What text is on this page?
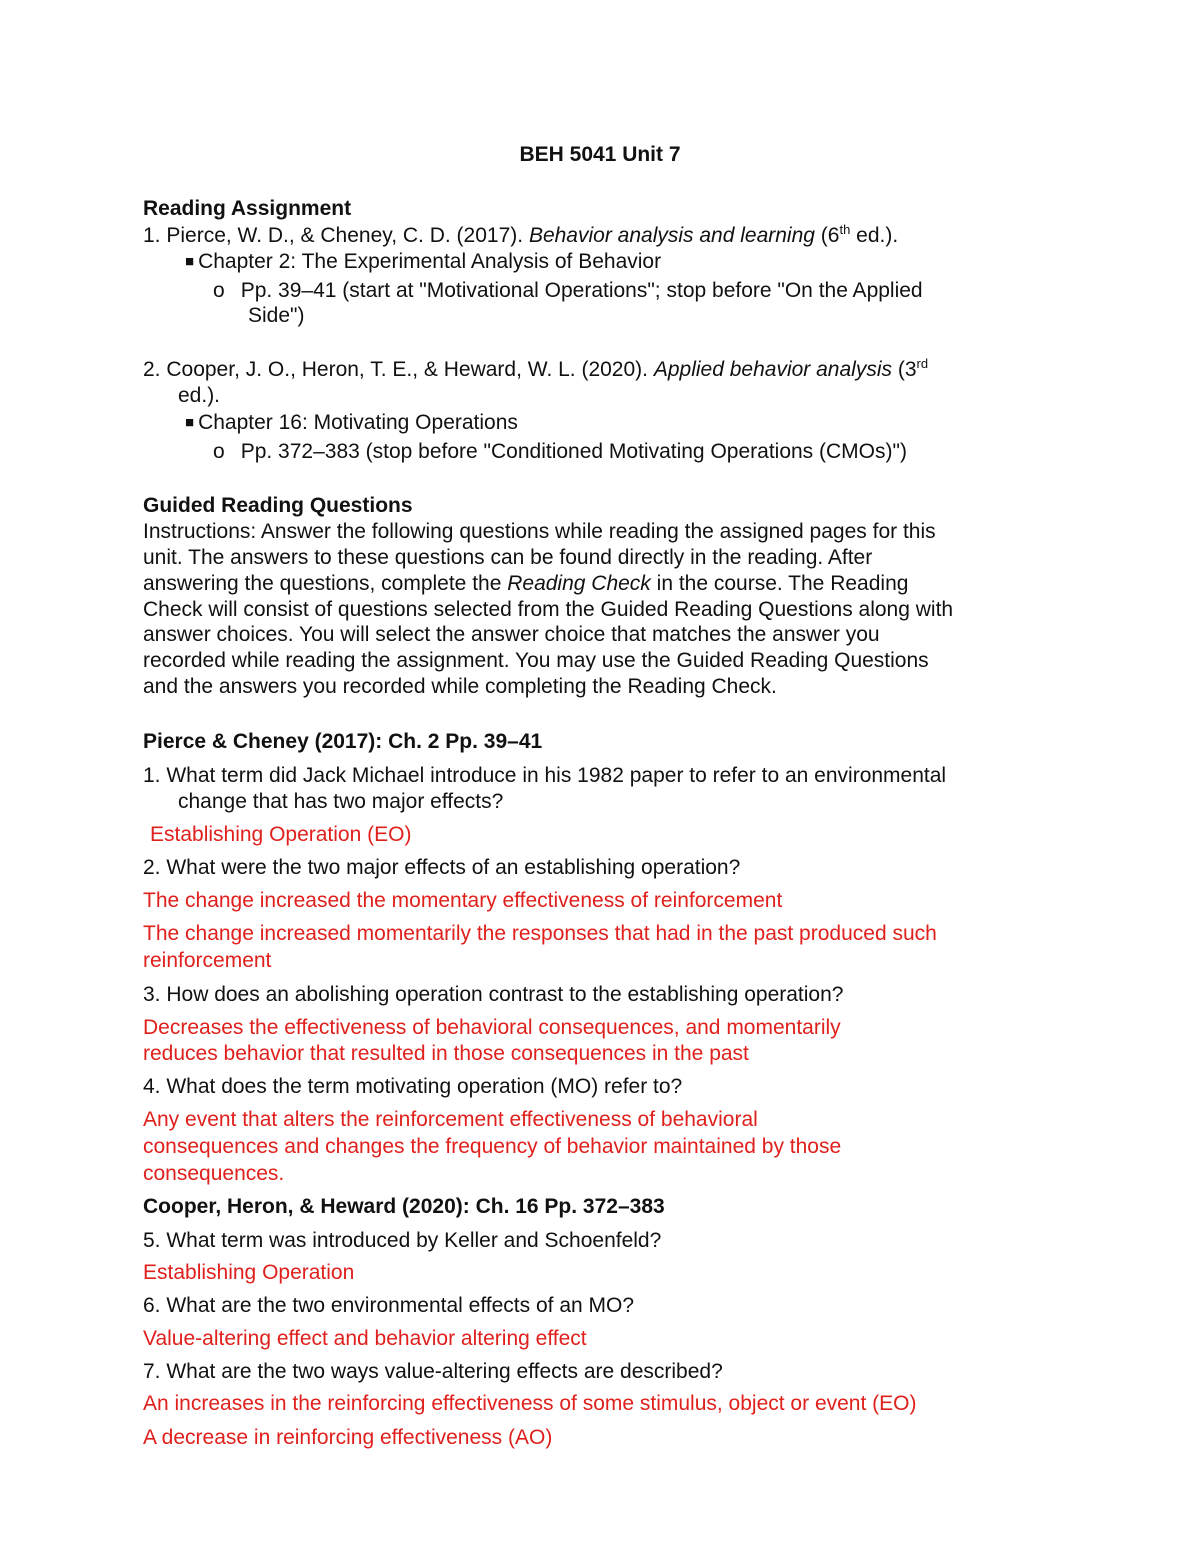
BEH 5041 Unit 7
Reading Assignment
1. Pierce, W. D., & Cheney, C. D. (2017). Behavior analysis and learning (6th ed.).
■ Chapter 2: The Experimental Analysis of Behavior
o Pp. 39–41 (start at "Motivational Operations"; stop before "On the Applied
Side")
2. Cooper, J. O., Heron, T. E., & Heward, W. L. (2020). Applied behavior analysis (3rd
ed.).
■ Chapter 16: Motivating Operations
o Pp. 372–383 (stop before "Conditioned Motivating Operations (CMOs)")
Guided Reading Questions
Instructions: Answer the following questions while reading the assigned pages for this
unit. The answers to these questions can be found directly in the reading. After
answering the questions, complete the Reading Check in the course. The Reading
Check will consist of questions selected from the Guided Reading Questions along with
answer choices. You will select the answer choice that matches the answer you
recorded while reading the assignment. You may use the Guided Reading Questions
and the answers you recorded while completing the Reading Check.
Pierce & Cheney (2017): Ch. 2 Pp. 39–41
1. What term did Jack Michael introduce in his 1982 paper to refer to an environmental
change that has two major effects?
Establishing Operation (EO)
2. What were the two major effects of an establishing operation?
The change increased the momentary effectiveness of reinforcement
The change increased momentarily the responses that had in the past produced such
reinforcement
3. How does an abolishing operation contrast to the establishing operation?
Decreases the effectiveness of behavioral consequences, and momentarily
reduces behavior that resulted in those consequences in the past
4. What does the term motivating operation (MO) refer to?
Any event that alters the reinforcement effectiveness of behavioral
consequences and changes the frequency of behavior maintained by those
consequences.
Cooper, Heron, & Heward (2020): Ch. 16 Pp. 372–383
5. What term was introduced by Keller and Schoenfeld?
Establishing Operation
6. What are the two environmental effects of an MO?
Value-altering effect and behavior altering effect
7. What are the two ways value-altering effects are described?
An increases in the reinforcing effectiveness of some stimulus, object or event (EO)
A decrease in reinforcing effectiveness (AO)
